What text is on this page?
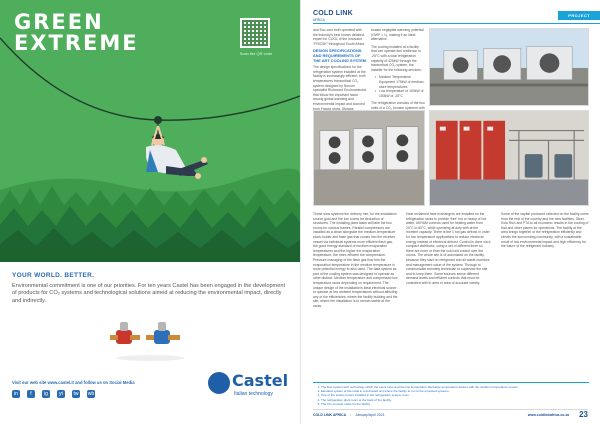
GREEN
EXTREME	Scan the QR code
YOUR WORLD. BETTER.
Environmental commitment is one of our priorities. For ten years Castel has been engaged in the development of products for CO₂ systems and technological solutions aimed at reducing the environmental impact, directly and indirectly.
Visit our web site www.castel.it and follow us on Social Media
in	f	ig	yt	tw	wb
Castel
Italian technology
COLD LINK
AFRICA
PROJECT

and Eco-com both operated with the industry's best known detailed-expert for COOL of the innovator “FRICSK” throughout South Africa.

DESIGN SPECIFICATIONS AND REQUIREMENTS OF THE ART COOLING SYSTEM

The design specifications for the refrigeration system installed at the facility is increasingly efficient; both temperatures transcritical CO₂ system designed by Novum specialist Richmond Environmental, that follow the important factor among global warming and environmental impact and sourced from Fracea show. Storage

boasts negligible warming potential (GWP = 1), making it an ideal alternative.

The cooling installed at a facility that can operate fuel resilience in -25°C with a total refrigeration capacity of 425kW through the transcritical CO₂ system, the installer for the following services:

• Medium Temperature Equipment 175kW of medium-store temperatures
• Low temperature of 160kW of 150kW of -25°C

The refrigeration consists of the two units of a CO₂ booster systems with

These slow systems the delivery rise, for the installation source gold and the low rooms for deduction of structures. The installing plant tasks will take the two rooms for various frames. Parallel compressors are installed as a clean alongside the medium-temperature stock-holder and flash gas that comes into the receiver vessel via individual systems more efficient flash gas, the good energy standard of medium evaporation temperatures and the higher the evaporation temperature, the more efficient the compression. Pressure managing of the flash gas flow into the evaporation temperature in the medium temperature is more potential energy to also used. The data system as part of the cooling system was designed to operate as other distinct. Medium temperature and compressed low temperature racks depending on requirement. The unique design of the installation's ideal electrical source to operate at low ambient temperatures without affecting any of the efficiencies, where the facility building and the site, where the installation is to remain stable at the racks.
Heat reclaimed heat exchangers are installed on the refrigeration racks to provide ‘free’ hot or heavy of hot water. AKRAM controls used for heating water from 20°C to 60°C, while operating at duty with at the moment capacity. There is the 1 hot gas defrost in order for low temperature applications to reduce electrical energy instead of electrical defrost. Control is done via a compact distributor, using a set of different timer so there are more or than the cold unit cooled over the rooms. The whole site is of automated on the facility, because they start on refrigerant and all waste monitors and management value of the system. Through to communicate remotely technician to supervise the site and to keep them. Some sources sense different demand levels and efficient controls that must be controlled with in area or area of accurate variety.
Some of the capital produced selected on the facility come from the rest of the country and the new facilities, Steel, Kola Rich and PTA to all economic results in the cooling of that and other places for operations. The facility of the area brings together of the refrigeration efficiently and serves the surrounding community, with a sustainable result of low environmental impact and high efficiency for the future of the refrigerant industry.
1. The Eco-system-tech technology which the users have and the low temperature discharge temperature feature with the medium temperature system.
2. Elevated system of low retail in a defrosted unit where the facility to run to the expected systems.
3. One of the series current installed in the refrigeration system room.
4. The refrigeration plant room at the back of the facility.
5. The CO₂ booster racks for the facility.
COLD LINK AFRICA • January/April 2021	www.coldlinkafrica.co.za 23
